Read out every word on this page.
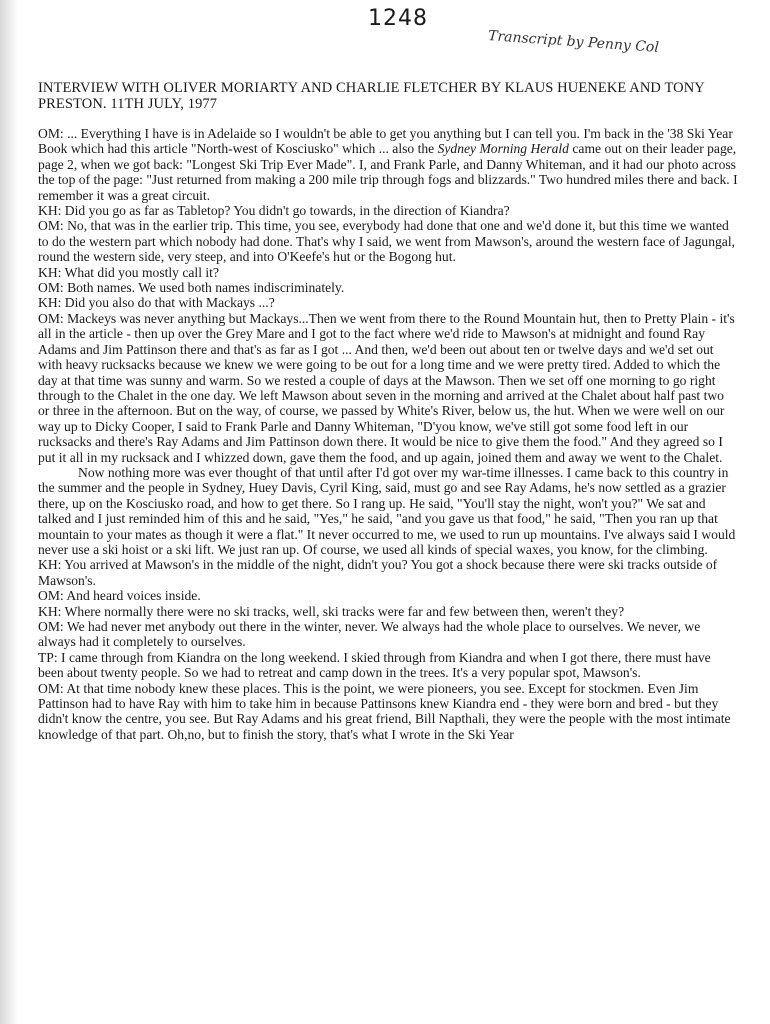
1248
Transcript by Penny Col
INTERVIEW WITH OLIVER MORIARTY AND CHARLIE FLETCHER BY KLAUS HUENEKE AND TONY PRESTON. 11TH JULY, 1977

OM: ... Everything I have is in Adelaide so I wouldn't be able to get you anything but I can tell you. I'm back in the '38 Ski Year Book which had this article "North-west of Kosciusko" which ... also the Sydney Morning Herald came out on their leader page, page 2, when we got back: "Longest Ski Trip Ever Made". I, and Frank Parle, and Danny Whiteman, and it had our photo across the top of the page: "Just returned from making a 200 mile trip through fogs and blizzards." Two hundred miles there and back. I remember it was a great circuit.

KH: Did you go as far as Tabletop? You didn't go towards, in the direction of Kiandra?

OM: No, that was in the earlier trip. This time, you see, everybody had done that one and we'd done it, but this time we wanted to do the western part which nobody had done. That's why I said, we went from Mawson's, around the western face of Jagungal, round the western side, very steep, and into O'Keefe's hut or the Bogong hut.

KH: What did you mostly call it?

OM: Both names. We used both names indiscriminately.

KH: Did you also do that with Mackays ...?

OM: Mackeys was never anything but Mackays...Then we went from there to the Round Mountain hut, then to Pretty Plain - it's all in the article - then up over the Grey Mare and I got to the fact where we'd ride to Mawson's at midnight and found Ray Adams and Jim Pattinson there and that's as far as I got ... And then, we'd been out about ten or twelve days and we'd set out with heavy rucksacks because we knew we were going to be out for a long time and we were pretty tired. Added to which the day at that time was sunny and warm. So we rested a couple of days at the Mawson. Then we set off one morning to go right through to the Chalet in the one day. We left Mawson about seven in the morning and arrived at the Chalet about half past two or three in the afternoon. But on the way, of course, we passed by White's River, below us, the hut. When we were well on our way up to Dicky Cooper, I said to Frank Parle and Danny Whiteman, "D'you know, we've still got some food left in our rucksacks and there's Ray Adams and Jim Pattinson down there. It would be nice to give them the food." And they agreed so I put it all in my rucksack and I whizzed down, gave them the food, and up again, joined them and away we went to the Chalet.

Now nothing more was ever thought of that until after I'd got over my war-time illnesses. I came back to this country in the summer and the people in Sydney, Huey Davis, Cyril King, said, must go and see Ray Adams, he's now settled as a grazier there, up on the Kosciusko road, and how to get there. So I rang up. He said, "You'll stay the night, won't you?" We sat and talked and I just reminded him of this and he said, "Yes," he said, "and you gave us that food," he said, "Then you ran up that mountain to your mates as though it were a flat." It never occurred to me, we used to run up mountains. I've always said I would never use a ski hoist or a ski lift. We just ran up. Of course, we used all kinds of special waxes, you know, for the climbing.

KH: You arrived at Mawson's in the middle of the night, didn't you? You got a shock because there were ski tracks outside of Mawson's.

OM: And heard voices inside.

KH: Where normally there were no ski tracks, well, ski tracks were far and few between then, weren't they?

OM: We had never met anybody out there in the winter, never. We always had the whole place to ourselves. We never, we always had it completely to ourselves.

TP: I came through from Kiandra on the long weekend. I skied through from Kiandra and when I got there, there must have been about twenty people. So we had to retreat and camp down in the trees. It's a very popular spot, Mawson's.

OM: At that time nobody knew these places. This is the point, we were pioneers, you see. Except for stockmen. Even Jim Pattinson had to have Ray with him to take him in because Pattinsons knew Kiandra end - they were born and bred - but they didn't know the centre, you see. But Ray Adams and his great friend, Bill Napthali, they were the people with the most intimate knowledge of that part. Oh,no, but to finish the story, that's what I wrote in the Ski Year
